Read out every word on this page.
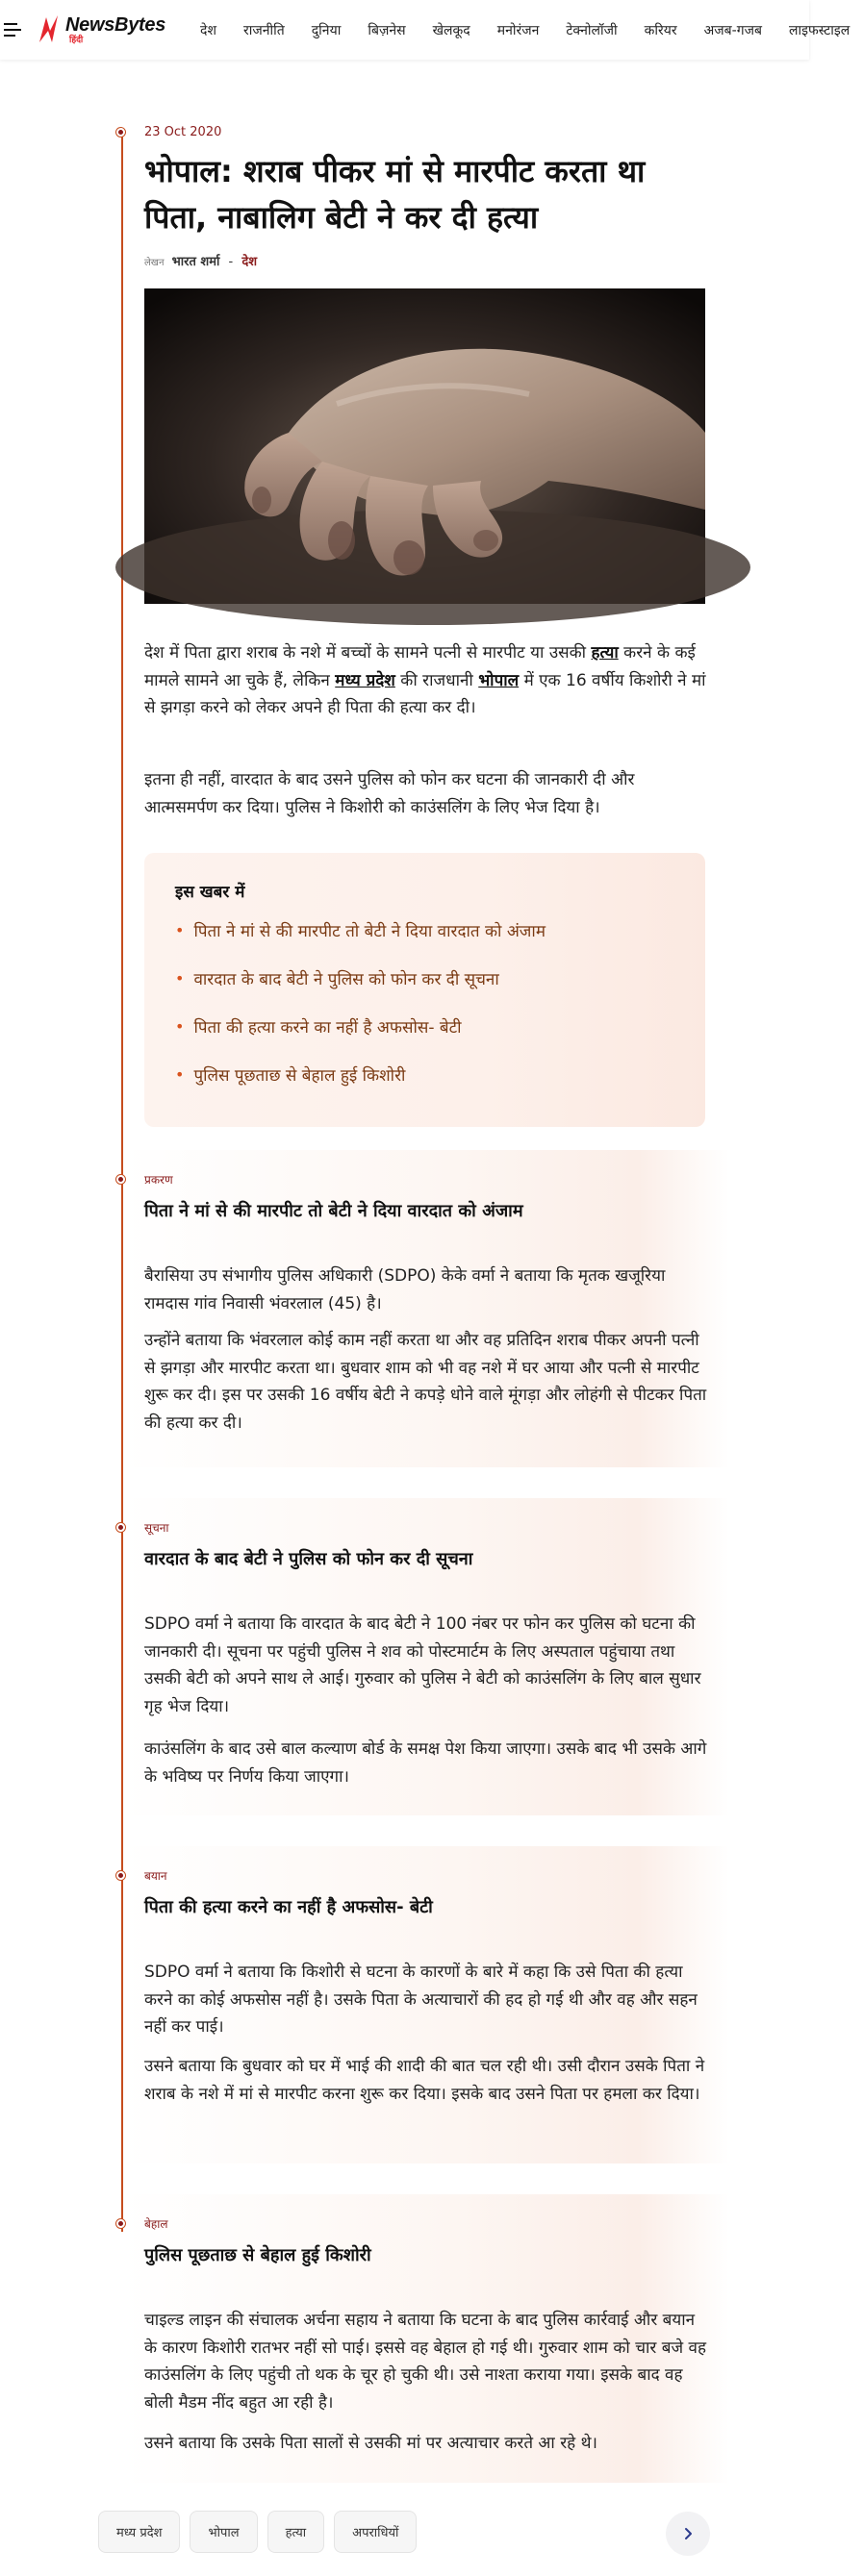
NewsBytes
हिंदी
देश	राजनीति	दुनिया	बिज़नेस	खेलकूद	मनोरंजन	टेक्नोलॉजी	करियर	अजब-गजब	लाइफस्टाइल
23 Oct 2020
भोपाल: शराब पीकर मां से मारपीट करता था पिता, नाबालिग बेटी ने कर दी हत्या
लेखन भारत शर्मा - देश

देश में पिता द्वारा शराब के नशे में बच्चों के सामने पत्नी से मारपीट या उसकी हत्या करने के कई मामले सामने आ चुके हैं, लेकिन मध्य प्रदेश की राजधानी भोपाल में एक 16 वर्षीय किशोरी ने मां से झगड़ा करने को लेकर अपने ही पिता की हत्या कर दी।

इतना ही नहीं, वारदात के बाद उसने पुलिस को फोन कर घटना की जानकारी दी और आत्मसमर्पण कर दिया। पुलिस ने किशोरी को काउंसलिंग के लिए भेज दिया है।

इस खबर में
• पिता ने मां से की मारपीट तो बेटी ने दिया वारदात को अंजाम
• वारदात के बाद बेटी ने पुलिस को फोन कर दी सूचना
• पिता की हत्या करने का नहीं है अफसोस- बेटी
• पुलिस पूछताछ से बेहाल हुई किशोरी
प्रकरण
पिता ने मां से की मारपीट तो बेटी ने दिया वारदात को अंजाम

बैरासिया उप संभागीय पुलिस अधिकारी (SDPO) केके वर्मा ने बताया कि मृतक खजूरिया रामदास गांव निवासी भंवरलाल (45) है।

उन्होंने बताया कि भंवरलाल कोई काम नहीं करता था और वह प्रतिदिन शराब पीकर अपनी पत्नी से झगड़ा और मारपीट करता था। बुधवार शाम को भी वह नशे में घर आया और पत्नी से मारपीट शुरू कर दी। इस पर उसकी 16 वर्षीय बेटी ने कपड़े धोने वाले मूंगड़ा और लोहंगी से पीटकर पिता की हत्या कर दी।

सूचना
वारदात के बाद बेटी ने पुलिस को फोन कर दी सूचना

SDPO वर्मा ने बताया कि वारदात के बाद बेटी ने 100 नंबर पर फोन कर पुलिस को घटना की जानकारी दी। सूचना पर पहुंची पुलिस ने शव को पोस्टमार्टम के लिए अस्पताल पहुंचाया तथा उसकी बेटी को अपने साथ ले आई। गुरुवार को पुलिस ने बेटी को काउंसलिंग के लिए बाल सुधार गृह भेज दिया।

काउंसलिंग के बाद उसे बाल कल्याण बोर्ड के समक्ष पेश किया जाएगा। उसके बाद भी उसके आगे के भविष्य पर निर्णय किया जाएगा।

बयान
पिता की हत्या करने का नहीं है अफसोस- बेटी

SDPO वर्मा ने बताया कि किशोरी से घटना के कारणों के बारे में कहा कि उसे पिता की हत्या करने का कोई अफसोस नहीं है। उसके पिता के अत्याचारों की हद हो गई थी और वह और सहन नहीं कर पाई।

उसने बताया कि बुधवार को घर में भाई की शादी की बात चल रही थी। उसी दौरान उसके पिता ने शराब के नशे में मां से मारपीट करना शुरू कर दिया। इसके बाद उसने पिता पर हमला कर दिया।

बेहाल
पुलिस पूछताछ से बेहाल हुई किशोरी

चाइल्ड लाइन की संचालक अर्चना सहाय ने बताया कि घटना के बाद पुलिस कार्रवाई और बयान के कारण किशोरी रातभर नहीं सो पाई। इससे वह बेहाल हो गई थी। गुरुवार शाम को चार बजे वह काउंसलिंग के लिए पहुंची तो थक के चूर हो चुकी थी। उसे नाश्ता कराया गया। इसके बाद वह बोली मैडम नींद बहुत आ रही है।

उसने बताया कि उसके पिता सालों से उसकी मां पर अत्याचार करते आ रहे थे।

मध्य प्रदेश	भोपाल	हत्या	अपराधियों
